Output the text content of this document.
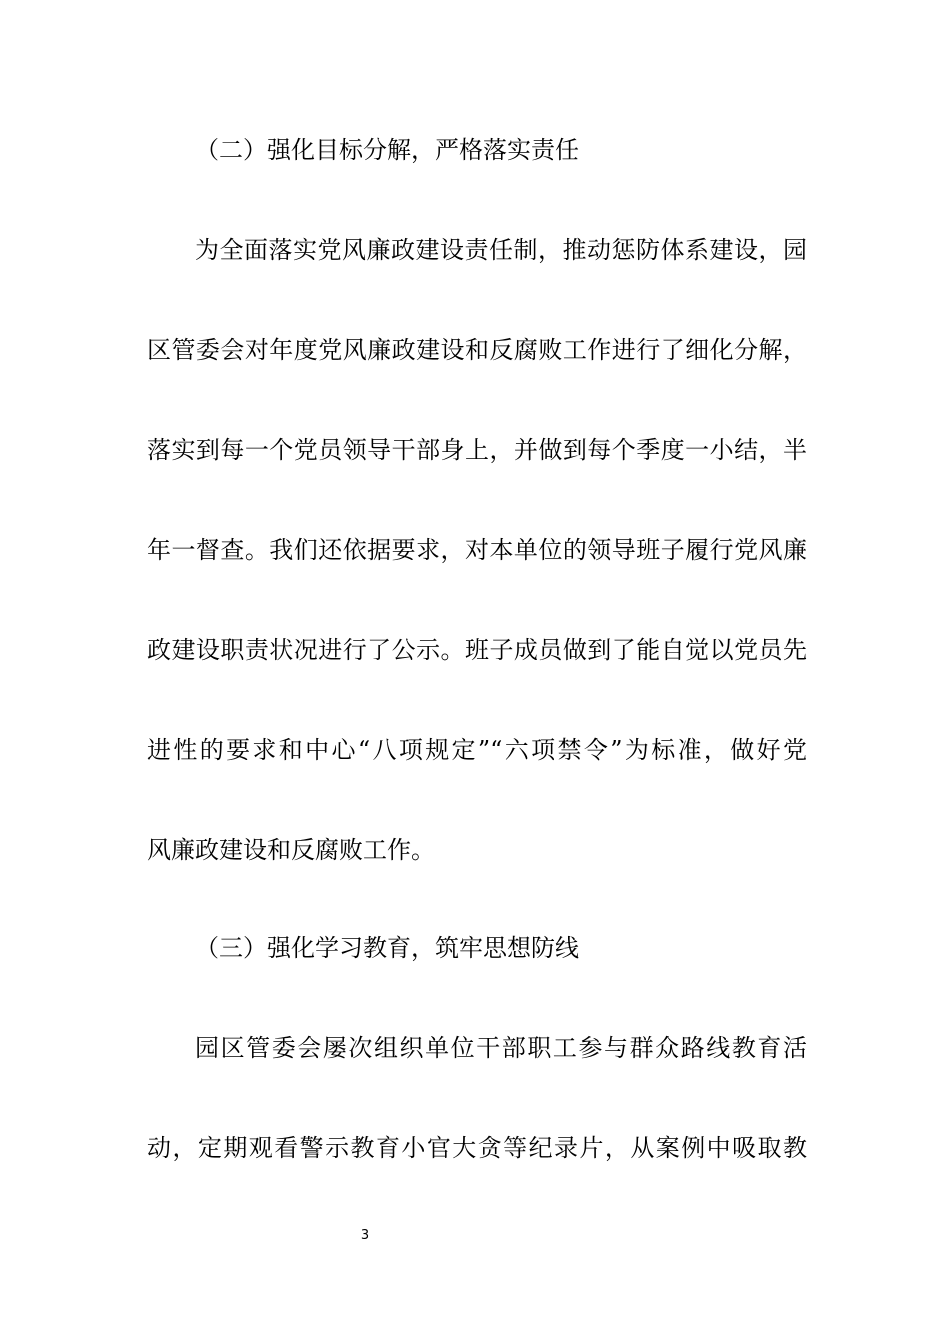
（二）强化目标分解，严格落实责任
为全面落实党风廉政建设责任制，推动惩防体系建设，园
区管委会对年度党风廉政建设和反腐败工作进行了细化分解，
落实到每一个党员领导干部身上，并做到每个季度一小结，半
年一督查。我们还依据要求，对本单位的领导班子履行党风廉
政建设职责状况进行了公示。班子成员做到了能自觉以党员先
进性的要求和中心“八项规定”“六项禁令”为标准，做好党
风廉政建设和反腐败工作。
（三）强化学习教育，筑牢思想防线
园区管委会屡次组织单位干部职工参与群众路线教育活
动，定期观看警示教育小官大贪等纪录片，从案例中吸取教
3
